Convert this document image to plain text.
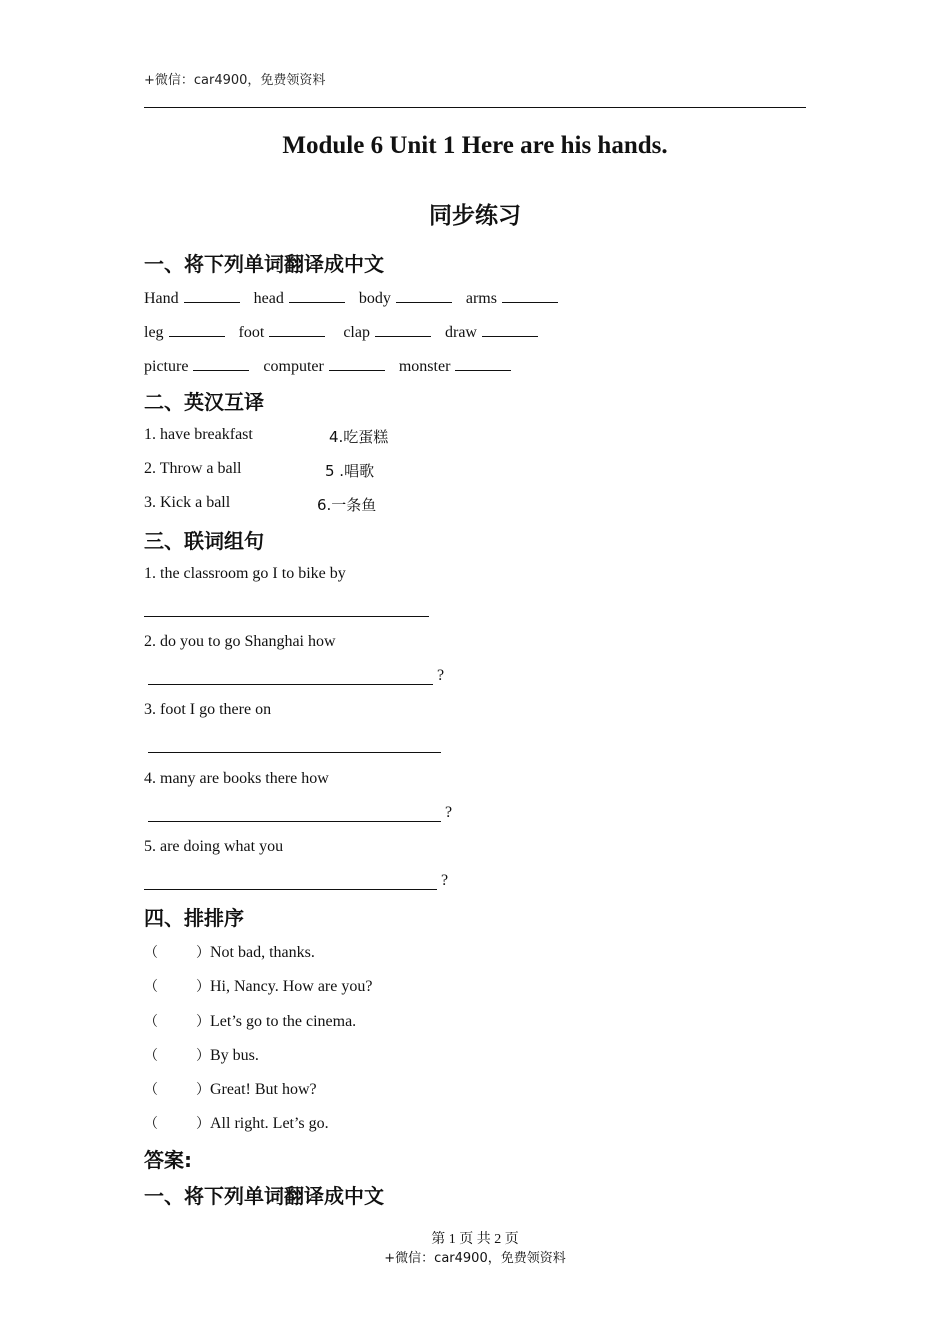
+微信：car4900，免费领资料
Module 6 Unit 1 Here are his hands.
同步练习
一、将下列单词翻译成中文
Hand	head	body	arms
leg	foot	clap	draw
picture	computer	monster
二、英汉互译
1. have breakfast	4.吃蛋糕
2. Throw a ball	5 .唱歌
3. Kick a ball	6.一条鱼
三、联词组句
1. the classroom go I to bike by
2. do you to go Shanghai how
?
3. foot I go there on
4. many are books there how
?
5. are doing what you
?
四、排排序
（	）Not bad, thanks.
（	）Hi, Nancy. How are you?
（	）Let’s go to the cinema.
（	）By bus.
（	）Great! But how?
（	）All right. Let’s go.
答案:
一、将下列单词翻译成中文
第 1 页 共 2 页
+微信：car4900，免费领资料
